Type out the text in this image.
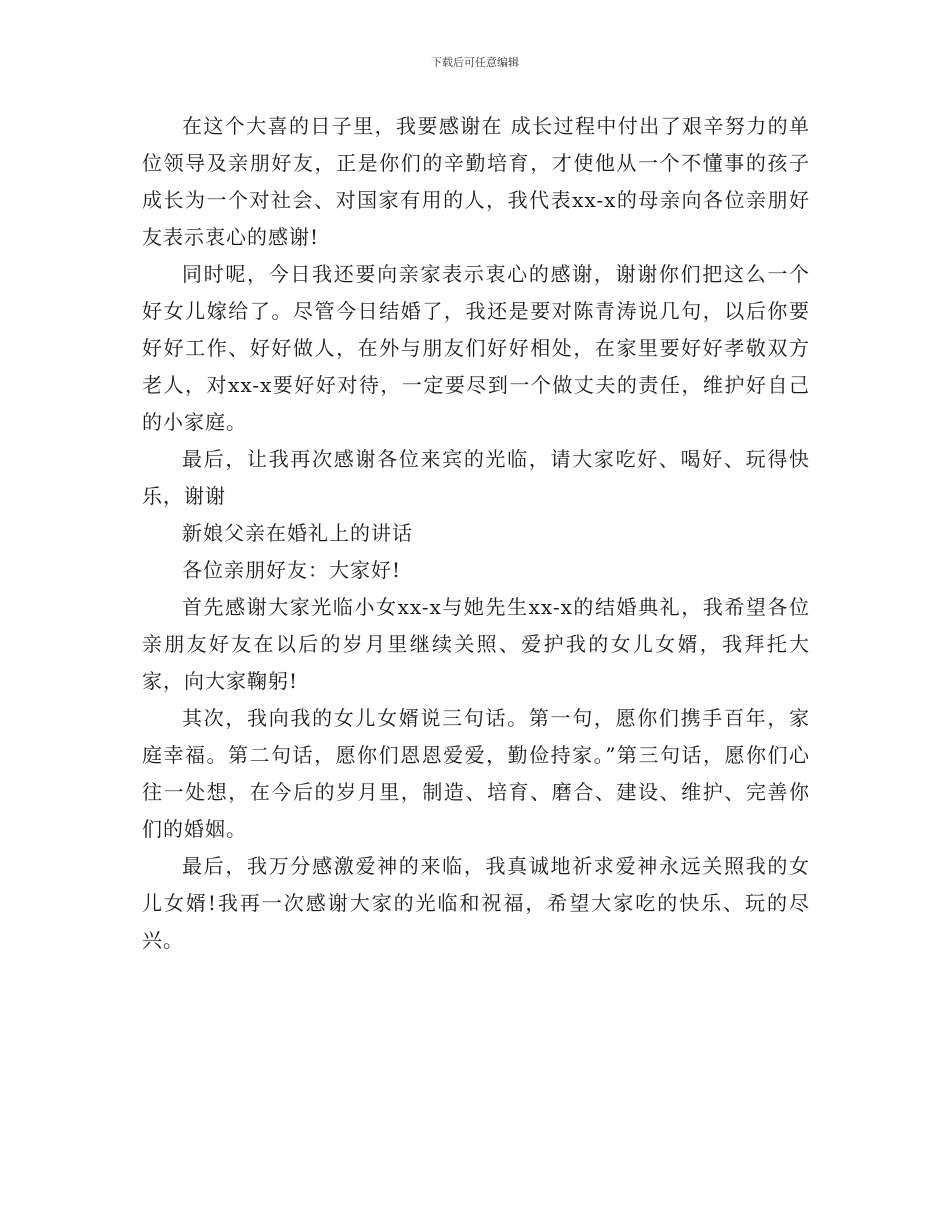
下载后可任意编辑

在这个大喜的日子里，我要感谢在 成长过程中付出了艰辛努力的单位领导及亲朋好友，正是你们的辛勤培育，才使他从一个不懂事的孩子成长为一个对社会、对国家有用的人，我代表xx-x的母亲向各位亲朋好友表示衷心的感谢!

同时呢，今日我还要向亲家表示衷心的感谢，谢谢你们把这么一个好女儿嫁给了。尽管今日结婚了，我还是要对陈青涛说几句，以后你要好好工作、好好做人，在外与朋友们好好相处，在家里要好好孝敬双方老人，对xx-x要好好对待，一定要尽到一个做丈夫的责任，维护好自己的小家庭。

最后，让我再次感谢各位来宾的光临，请大家吃好、喝好、玩得快乐，谢谢

新娘父亲在婚礼上的讲话

各位亲朋好友：大家好!

首先感谢大家光临小女xx-x与她先生xx-x的结婚典礼，我希望各位亲朋友好友在以后的岁月里继续关照、爱护我的女儿女婿，我拜托大家，向大家鞠躬!

其次，我向我的女儿女婿说三句话。第一句，愿你们携手百年，家庭幸福。第二句话，愿你们恩恩爱爱，勤俭持家。”第三句话，愿你们心往一处想，在今后的岁月里，制造、培育、磨合、建设、维护、完善你们的婚姻。

最后，我万分感激爱神的来临，我真诚地祈求爱神永远关照我的女儿女婿!我再一次感谢大家的光临和祝福，希望大家吃的快乐、玩的尽兴。
